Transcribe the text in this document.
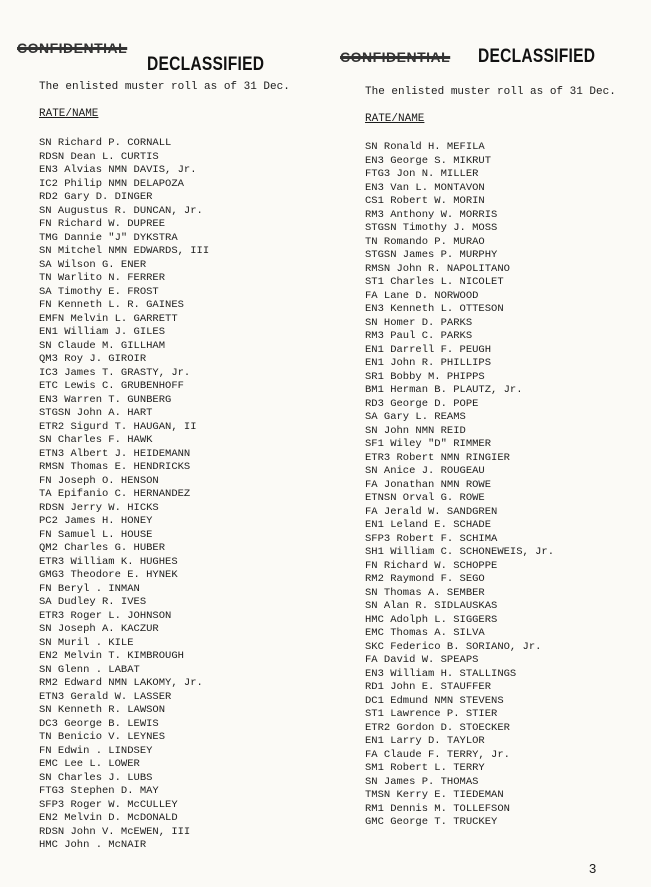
CONFIDENTIAL
DECLASSIFIED
The enlisted muster roll as of 31 Dec.
RATE/NAME
SN Richard P. CORNALL
RDSN Dean L. CURTIS
EN3 Alvias NMN DAVIS, Jr.
IC2 Philip NMN DELAPOZA
RD2 Gary D. DINGER
SN Augustus R. DUNCAN, Jr.
FN Richard W. DUPREE
TMG Dannie "J" DYKSTRA
SN Mitchel NMN EDWARDS, III
SA Wilson G. ENER
TN Warlito N. FERRER
SA Timothy E. FROST
FN Kenneth L. R. GAINES
EMFN Melvin L. GARRETT
EN1 William J. GILES
SN Claude M. GILLHAM
QM3 Roy J. GIROIR
IC3 James T. GRASTY, Jr.
ETC Lewis C. GRUBENHOFF
EN3 Warren T. GUNBERG
STGSN John A. HART
ETR2 Sigurd T. HAUGAN, II
SN Charles F. HAWK
ETN3 Albert J. HEIDEMANN
RMSN Thomas E. HENDRICKS
FN Joseph O. HENSON
TA Epifanio C. HERNANDEZ
RDSN Jerry W. HICKS
PC2 James H. HONEY
FN Samuel L. HOUSE
QM2 Charles G. HUBER
ETR3 William K. HUGHES
GMG3 Theodore E. HYNEK
FN Beryl . INMAN
SA Dudley R. IVES
ETR3 Roger L. JOHNSON
SN Joseph A. KACZUR
SN Muril . KILE
EN2 Melvin T. KIMBROUGH
SN Glenn . LABAT
RM2 Edward NMN LAKOMY, Jr.
ETN3 Gerald W. LASSER
SN Kenneth R. LAWSON
DC3 George B. LEWIS
TN Benicio V. LEYNES
FN Edwin . LINDSEY
EMC Lee L. LOWER
SN Charles J. LUBS
FTG3 Stephen D. MAY
SFP3 Roger W. McCULLEY
EN2 Melvin D. McDONALD
RDSN John V. McEWEN, III
HMC John . McNAIR
CONFIDENTIAL DECLASSIFIED
The enlisted muster roll as of 31 Dec.
RATE/NAME
SN Ronald H. MEFILA
EN3 George S. MIKRUT
FTG3 Jon N. MILLER
EN3 Van L. MONTAVON
CS1 Robert W. MORIN
RM3 Anthony W. MORRIS
STGSN Timothy J. MOSS
TN Romando P. MURAO
STGSN James P. MURPHY
RMSN John R. NAPOLITANO
ST1 Charles L. NICOLET
FA Lane D. NORWOOD
EN3 Kenneth L. OTTESON
SN Homer D. PARKS
RM3 Paul C. PARKS
EN1 Darrell F. PEUGH
EN1 John R. PHILLIPS
SR1 Bobby M. PHIPPS
BM1 Herman B. PLAUTZ, Jr.
RD3 George D. POPE
SA Gary L. REAMS
SN John NMN REID
SF1 Wiley "D" RIMMER
ETR3 Robert NMN RINGIER
SN Anice J. ROUGEAU
FA Jonathan NMN ROWE
ETNSN Orval G. ROWE
FA Jerald W. SANDGREN
EN1 Leland E. SCHADE
SFP3 Robert F. SCHIMA
SH1 William C. SCHONEWEIS, Jr.
FN Richard W. SCHOPPE
RM2 Raymond F. SEGO
SN Thomas A. SEMBER
SN Alan R. SIDLAUSKAS
HMC Adolph L. SIGGERS
EMC Thomas A. SILVA
SKC Federico B. SORIANO, Jr.
FA David W. SPEAPS
EN3 William H. STALLINGS
RD1 John E. STAUFFER
DC1 Edmund NMN STEVENS
ST1 Lawrence P. STIER
ETR2 Gordon D. STOECKER
EN1 Larry D. TAYLOR
FA Claude F. TERRY, Jr.
SM1 Robert L. TERRY
SN James P. THOMAS
TMSN Kerry E. TIEDEMAN
RM1 Dennis M. TOLLEFSON
GMC George T. TRUCKEY
3
